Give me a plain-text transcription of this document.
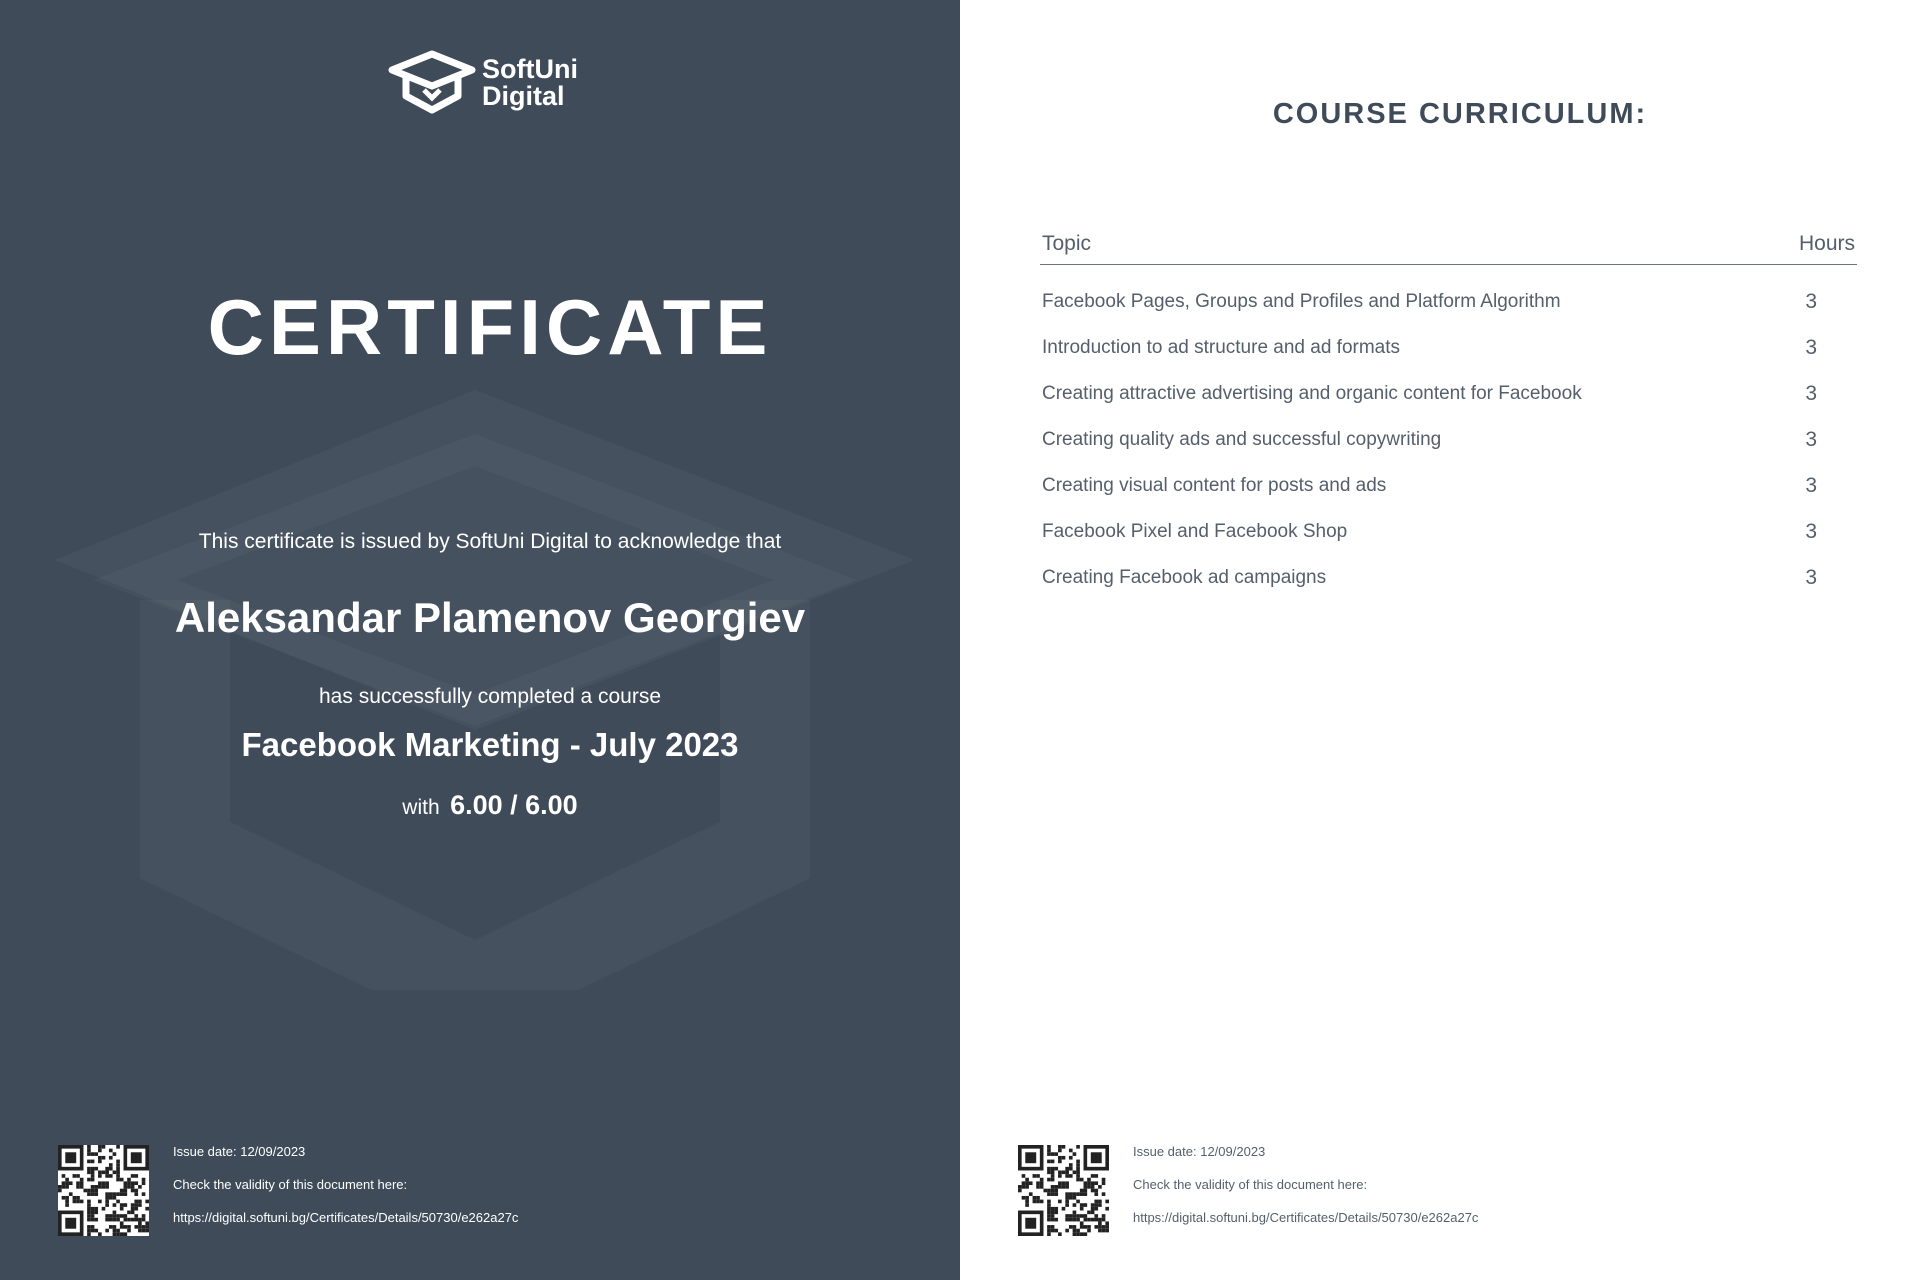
SoftUni
Digital
CERTIFICATE
This certificate is issued by SoftUni Digital to acknowledge that
Aleksandar Plamenov Georgiev
has successfully completed a course
Facebook Marketing - July 2023
with 6.00 / 6.00
Issue date: 12/09/2023
Check the validity of this document here:
https://digital.softuni.bg/Certificates/Details/50730/e262a27c
COURSE CURRICULUM:
Topic	Hours
Facebook Pages, Groups and Profiles and Platform Algorithm	3
Introduction to ad structure and ad formats	3
Creating attractive advertising and organic content for Facebook	3
Creating quality ads and successful copywriting	3
Creating visual content for posts and ads	3
Facebook Pixel and Facebook Shop	3
Creating Facebook ad campaigns	3
Issue date: 12/09/2023
Check the validity of this document here:
https://digital.softuni.bg/Certificates/Details/50730/e262a27c
